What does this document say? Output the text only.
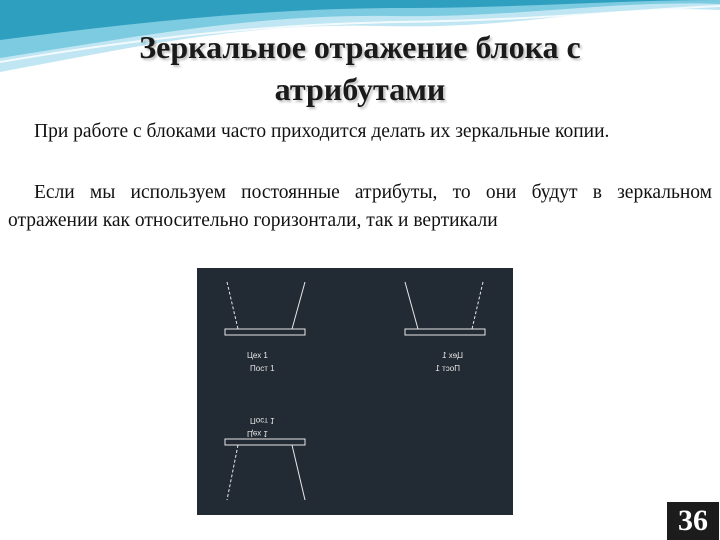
Зеркальное отражение блока с атрибутами

При работе с блоками часто приходится делать их зеркальные копии.

Если мы используем постоянные атрибуты, то они будут в зеркальном отражении как относительно горизонтали, так и вертикали

Цех 1
Пост 1
Цех 1
Пост 1
Цех 1
Пост 1
36
